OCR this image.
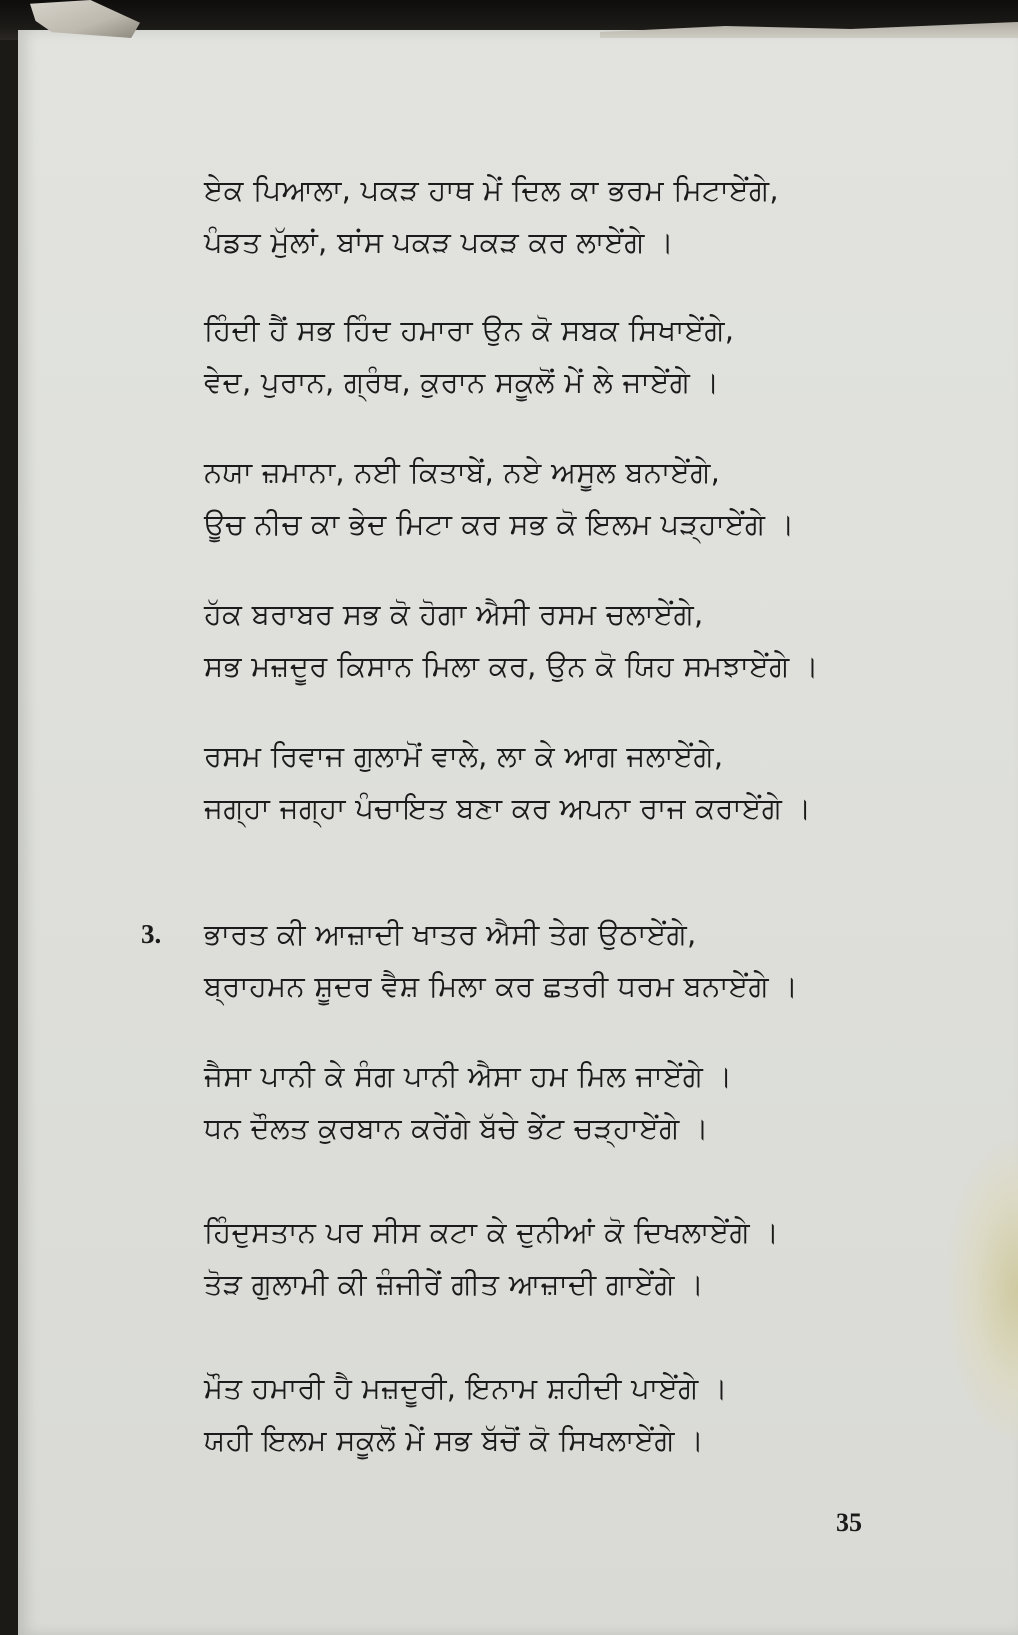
ਏਕ ਪਿਆਲਾ, ਪਕੜ ਹਾਥ ਮੇਂ ਦਿਲ ਕਾ ਭਰਮ ਮਿਟਾਏਂਗੇ,
ਪੰਡਤ ਮੁੱਲਾਂ, ਬਾਂਸ ਪਕੜ ਪਕੜ ਕਰ ਲਾਏਂਗੇ ।
ਹਿੰਦੀ ਹੈਂ ਸਭ ਹਿੰਦ ਹਮਾਰਾ ਉਨ ਕੋ ਸਬਕ ਸਿਖਾਏਂਗੇ,
ਵੇਦ, ਪੁਰਾਨ, ਗ੍ਰੰਥ, ਕੁਰਾਨ ਸਕੂਲੋਂ ਮੇਂ ਲੇ ਜਾਏਂਗੇ ।
ਨਯਾ ਜ਼ਮਾਨਾ, ਨਈ ਕਿਤਾਬੇਂ, ਨਏ ਅਸੂਲ ਬਨਾਏਂਗੇ,
ਊਚ ਨੀਚ ਕਾ ਭੇਦ ਮਿਟਾ ਕਰ ਸਭ ਕੋ ਇਲਮ ਪੜ੍ਹਾਏਂਗੇ ।
ਹੱਕ ਬਰਾਬਰ ਸਭ ਕੋ ਹੋਗਾ ਐਸੀ ਰਸਮ ਚਲਾਏਂਗੇ,
ਸਭ ਮਜ਼ਦੂਰ ਕਿਸਾਨ ਮਿਲਾ ਕਰ, ਉਨ ਕੋ ਯਿਹ ਸਮਝਾਏਂਗੇ ।
ਰਸਮ ਰਿਵਾਜ ਗੁਲਾਮੋਂ ਵਾਲੇ, ਲਾ ਕੇ ਆਗ ਜਲਾਏਂਗੇ,
ਜਗ੍ਹਾ ਜਗ੍ਹਾ ਪੰਚਾਇਤ ਬਣਾ ਕਰ ਅਪਨਾ ਰਾਜ ਕਰਾਏਂਗੇ ।
3. ਭਾਰਤ ਕੀ ਆਜ਼ਾਦੀ ਖਾਤਰ ਐਸੀ ਤੇਗ ਉਠਾਏਂਗੇ,
ਬ੍ਰਾਹਮਨ ਸ਼ੂਦਰ ਵੈਸ਼ ਮਿਲਾ ਕਰ ਛਤਰੀ ਧਰਮ ਬਨਾਏਂਗੇ ।
ਜੈਸਾ ਪਾਨੀ ਕੇ ਸੰਗ ਪਾਨੀ ਐਸਾ ਹਮ ਮਿਲ ਜਾਏਂਗੇ ।
ਧਨ ਦੌਲਤ ਕੁਰਬਾਨ ਕਰੇਂਗੇ ਬੱਚੇ ਭੇਂਟ ਚੜ੍ਹਾਏਂਗੇ ।
ਹਿੰਦੁਸਤਾਨ ਪਰ ਸੀਸ ਕਟਾ ਕੇ ਦੁਨੀਆਂ ਕੋ ਦਿਖਲਾਏਂਗੇ ।
ਤੋੜ ਗੁਲਾਮੀ ਕੀ ਜ਼ੰਜੀਰੇਂ ਗੀਤ ਆਜ਼ਾਦੀ ਗਾਏਂਗੇ ।
ਮੌਤ ਹਮਾਰੀ ਹੈ ਮਜ਼ਦੂਰੀ, ਇਨਾਮ ਸ਼ਹੀਦੀ ਪਾਏਂਗੇ ।
ਯਹੀ ਇਲਮ ਸਕੂਲੋਂ ਮੇਂ ਸਭ ਬੱਚੋਂ ਕੋ ਸਿਖਲਾਏਂਗੇ ।
35
